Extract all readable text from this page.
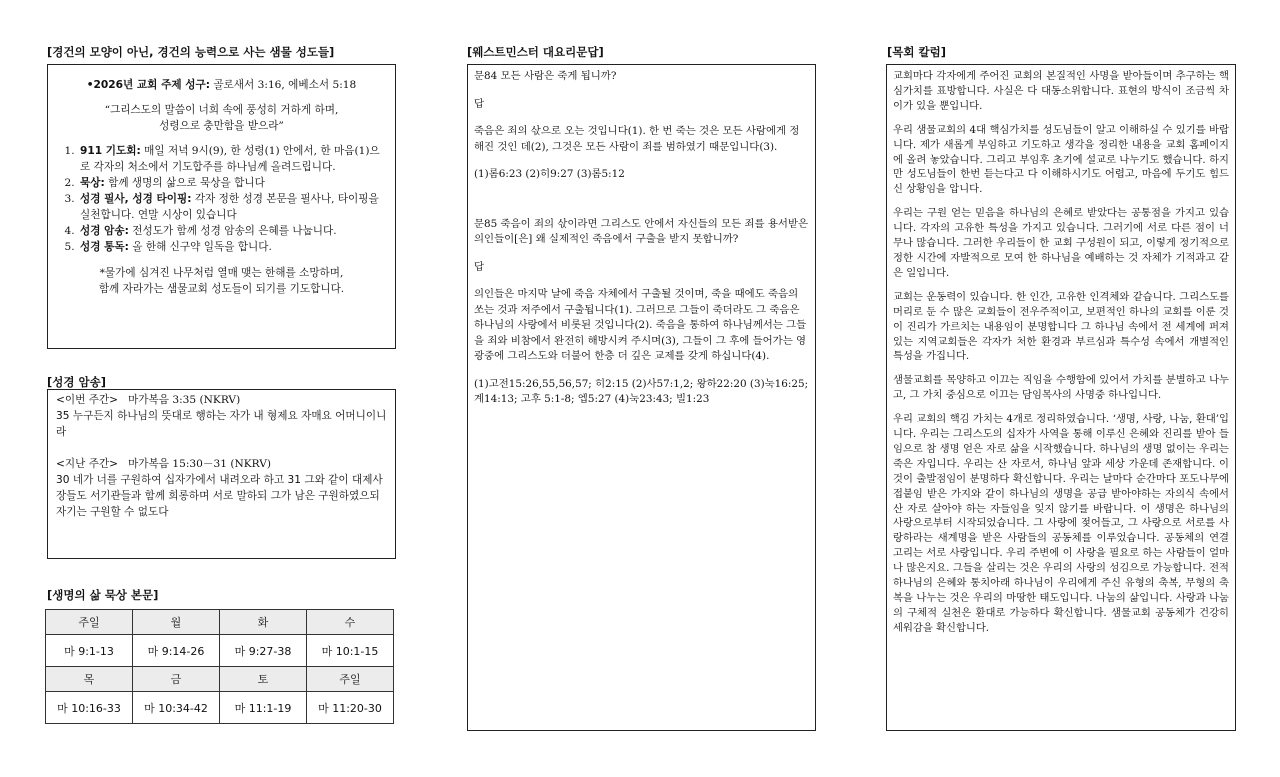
[경건의 모양이 아닌, 경건의 능력으로 사는 샘물 성도들]

•2026년 교회 주제 성구: 골로새서 3:16, 에베소서 5:18

“그리스도의 말씀이 너희 속에 풍성히 거하게 하며,
성령으로 충만함을 받으라”

1. 911 기도회: 매일 저녁 9시(9), 한 성령(1) 안에서, 한 마음(1)으로 각자의 처소에서 기도합주를 하나님께 올려드립니다.
2. 묵상: 함께 생명의 삶으로 묵상을 합니다
3. 성경 필사, 성경 타이핑: 각자 정한 성경 본문을 필사나, 타이핑을 실천합니다. 연말 시상이 있습니다
4. 성경 암송: 전성도가 함께 성경 암송의 은혜를 나눕니다.
5. 성경 통독: 올 한해 신구약 일독을 합니다.

*물가에 심겨진 나무처럼 열매 맺는 한해를 소망하며,
함께 자라가는 샘물교회 성도들이 되기를 기도합니다.

[성경 암송]

<이번 주간> 마가복음 3:35 (NKRV)

35 누구든지 하나님의 뜻대로 행하는 자가 내 형제요 자매요 어머니이니라

<지난 주간> 마가복음 15:30－31 (NKRV)

30 네가 너를 구원하여 십자가에서 내려오라 하고 31 그와 같이 대제사장들도 서기관들과 함께 희롱하며 서로 말하되 그가 남은 구원하였으되 자기는 구원할 수 없도다

[생명의 삶 묵상 본문]
주일	월	화	수
마 9:1-13	마 9:14-26	마 9:27-38	마 10:1-15
목	금	토	주일
마 10:16-33	마 10:34-42	마 11:1-19	마 11:20-30
[웨스트민스터 대요리문답]

문84 모든 사람은 죽게 됩니까?

답

죽음은 죄의 삯으로 오는 것입니다(1). 한 번 죽는 것은 모든 사람에게 정해진 것인 데(2), 그것은 모든 사람이 죄를 범하였기 때문입니다(3).

(1)롬6:23 (2)히9:27 (3)롬5:12

문85 죽음이 죄의 삯이라면 그리스도 안에서 자신들의 모든 죄를 용서받은 의인들이[은] 왜 실제적인 죽음에서 구출을 받지 못합니까?

답

의인들은 마지막 날에 죽음 자체에서 구출될 것이며, 죽을 때에도 죽음의 쏘는 것과 저주에서 구출됩니다(1). 그러므로 그들이 죽더라도 그 죽음은 하나님의 사랑에서 비롯된 것입니다(2). 죽음을 통하여 하나님께서는 그들을 죄와 비참에서 완전히 해방시켜 주시며(3), 그들이 그 후에 들어가는 영광중에 그리스도와 더불어 한층 더 깊은 교제를 갖게 하십니다(4).

(1)고전15:26,55,56,57; 히2:15 (2)사57:1,2; 왕하22:20 (3)눅16:25; 계14:13; 고후 5:1-8; 엡5:27 (4)눅23:43; 빌1:23

[목회 칼럼]

교회마다 각자에게 주어진 교회의 본질적인 사명을 받아들이며 추구하는 핵심가치를 표방합니다. 사실은 다 대동소위합니다. 표현의 방식이 조금씩 차이가 있을 뿐입니다.

우리 샘물교회의 4대 핵심가치를 성도님들이 알고 이해하실 수 있기를 바랍니다. 제가 새롭게 부임하고 기도하고 생각을 정리한 내용을 교회 홈페이지에 올려 놓았습니다. 그리고 부임후 초기에 설교로 나누기도 했습니다. 하지만 성도님들이 한번 듣는다고 다 이해하시기도 어렵고, 마음에 두기도 힘드신 상황임을 압니다.

우리는 구원 얻는 믿음을 하나님의 은혜로 받았다는 공통점을 가지고 있습니다. 각자의 고유한 특성을 가지고 있습니다. 그러기에 서로 다른 점이 너무나 많습니다. 그러한 우리들이 한 교회 구성원이 되고, 이렇게 정기적으로 정한 시간에 자발적으로 모여 한 하나님을 예배하는 것 자체가 기적과고 같은 일입니다.

교회는 운동력이 있습니다. 한 인간, 고유한 인격체와 같습니다. 그리스도를 머리로 둔 수 많은 교회들이 전우주적이고, 보편적인 하나의 교회를 이룬 것이 진리가 가르치는 내용임이 분명합니다 그 하나님 속에서 전 세계에 퍼져 있는 지역교회들은 각자가 처한 환경과 부르심과 특수성 속에서 개별적인 특성을 가집니다.

샘물교회를 목양하고 이끄는 직임을 수행함에 있어서 가치를 분별하고 나누고, 그 가치 중심으로 이끄는 담임목사의 사명중 하나입니다.

우리 교회의 핵김 가치는 4개로 정리하였습니다. ‘생명, 사랑, 나눔, 환대’입니다. 우리는 그리스도의 십자가 사역을 통해 이루신 은혜와 진리를 받아 들임으로 참 생명 얻은 자로 삶을 시작했습니다. 하나님의 생명 없이는 우리는 죽은 자입니다. 우리는 산 자로서, 하나님 앞과 세상 가운데 존재합니다. 이것이 출발점임이 분명하다 확신합니다. 우리는 날마다 순간마다 포도나무에 접붙임 받은 가지와 같이 하나님의 생명을 공급 받아야하는 자의식 속에서 산 자로 살아야 하는 자들임을 잊지 않기를 바랍니다. 이 생명은 하나님의 사랑으로부터 시작되었습니다. 그 사랑에 젖어들고, 그 사랑으로 서로를 사랑하라는 새계명을 받은 사람들의 공동체를 이루었습니다. 공동체의 연결 고리는 서로 사랑입니다. 우리 주변에 이 사랑을 필요로 하는 사람들이 얼마나 많은지요. 그들을 살리는 것은 우리의 사랑의 섬김으로 가능합니다. 전적 하나님의 은혜와 통치아래 하나님이 우리에게 주신 유형의 축복, 무형의 축복을 나누는 것은 우리의 마땅한 태도입니다. 나눔의 삶입니다. 사랑과 나눔의 구체적 실천은 환대로 가능하다 확신합니다. 샘물교회 공동체가 건강히 세워감을 확신합니다.
